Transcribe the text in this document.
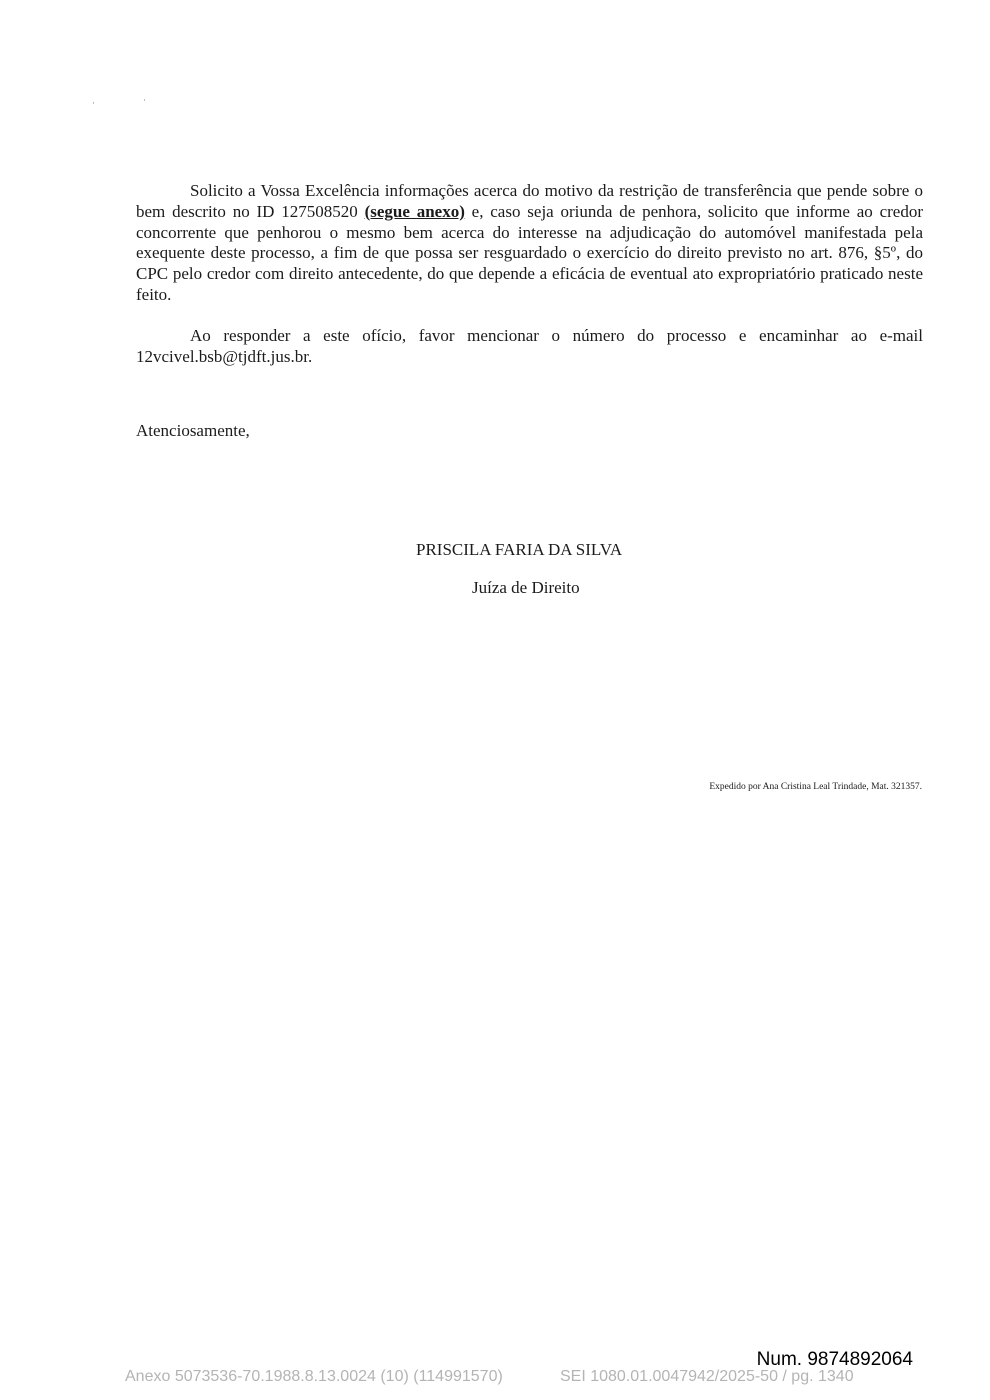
·	·

Solicito a Vossa Excelência informações acerca do motivo da restrição de transferência que pende sobre o bem descrito no ID 127508520 (segue anexo) e, caso seja oriunda de penhora, solicito que informe ao credor concorrente que penhorou o mesmo bem acerca do interesse na adjudicação do automóvel manifestada pela exequente deste processo, a fim de que possa ser resguardado o exercício do direito previsto no art. 876, §5º, do CPC pelo credor com direito antecedente, do que depende a eficácia de eventual ato expropriatório praticado neste feito.

Ao responder a este ofício, favor mencionar o número do processo e encaminhar ao e-mail 12vcivel.bsb@tjdft.jus.br.

Atenciosamente,
PRISCILA FARIA DA SILVA
Juíza de Direito
Expedido por Ana Cristina Leal Trindade, Mat. 321357.
Num. 9874892064
Anexo 5073536-70.1988.8.13.0024 (10) (114991570)	SEI 1080.01.0047942/2025-50 / pg. 1340
